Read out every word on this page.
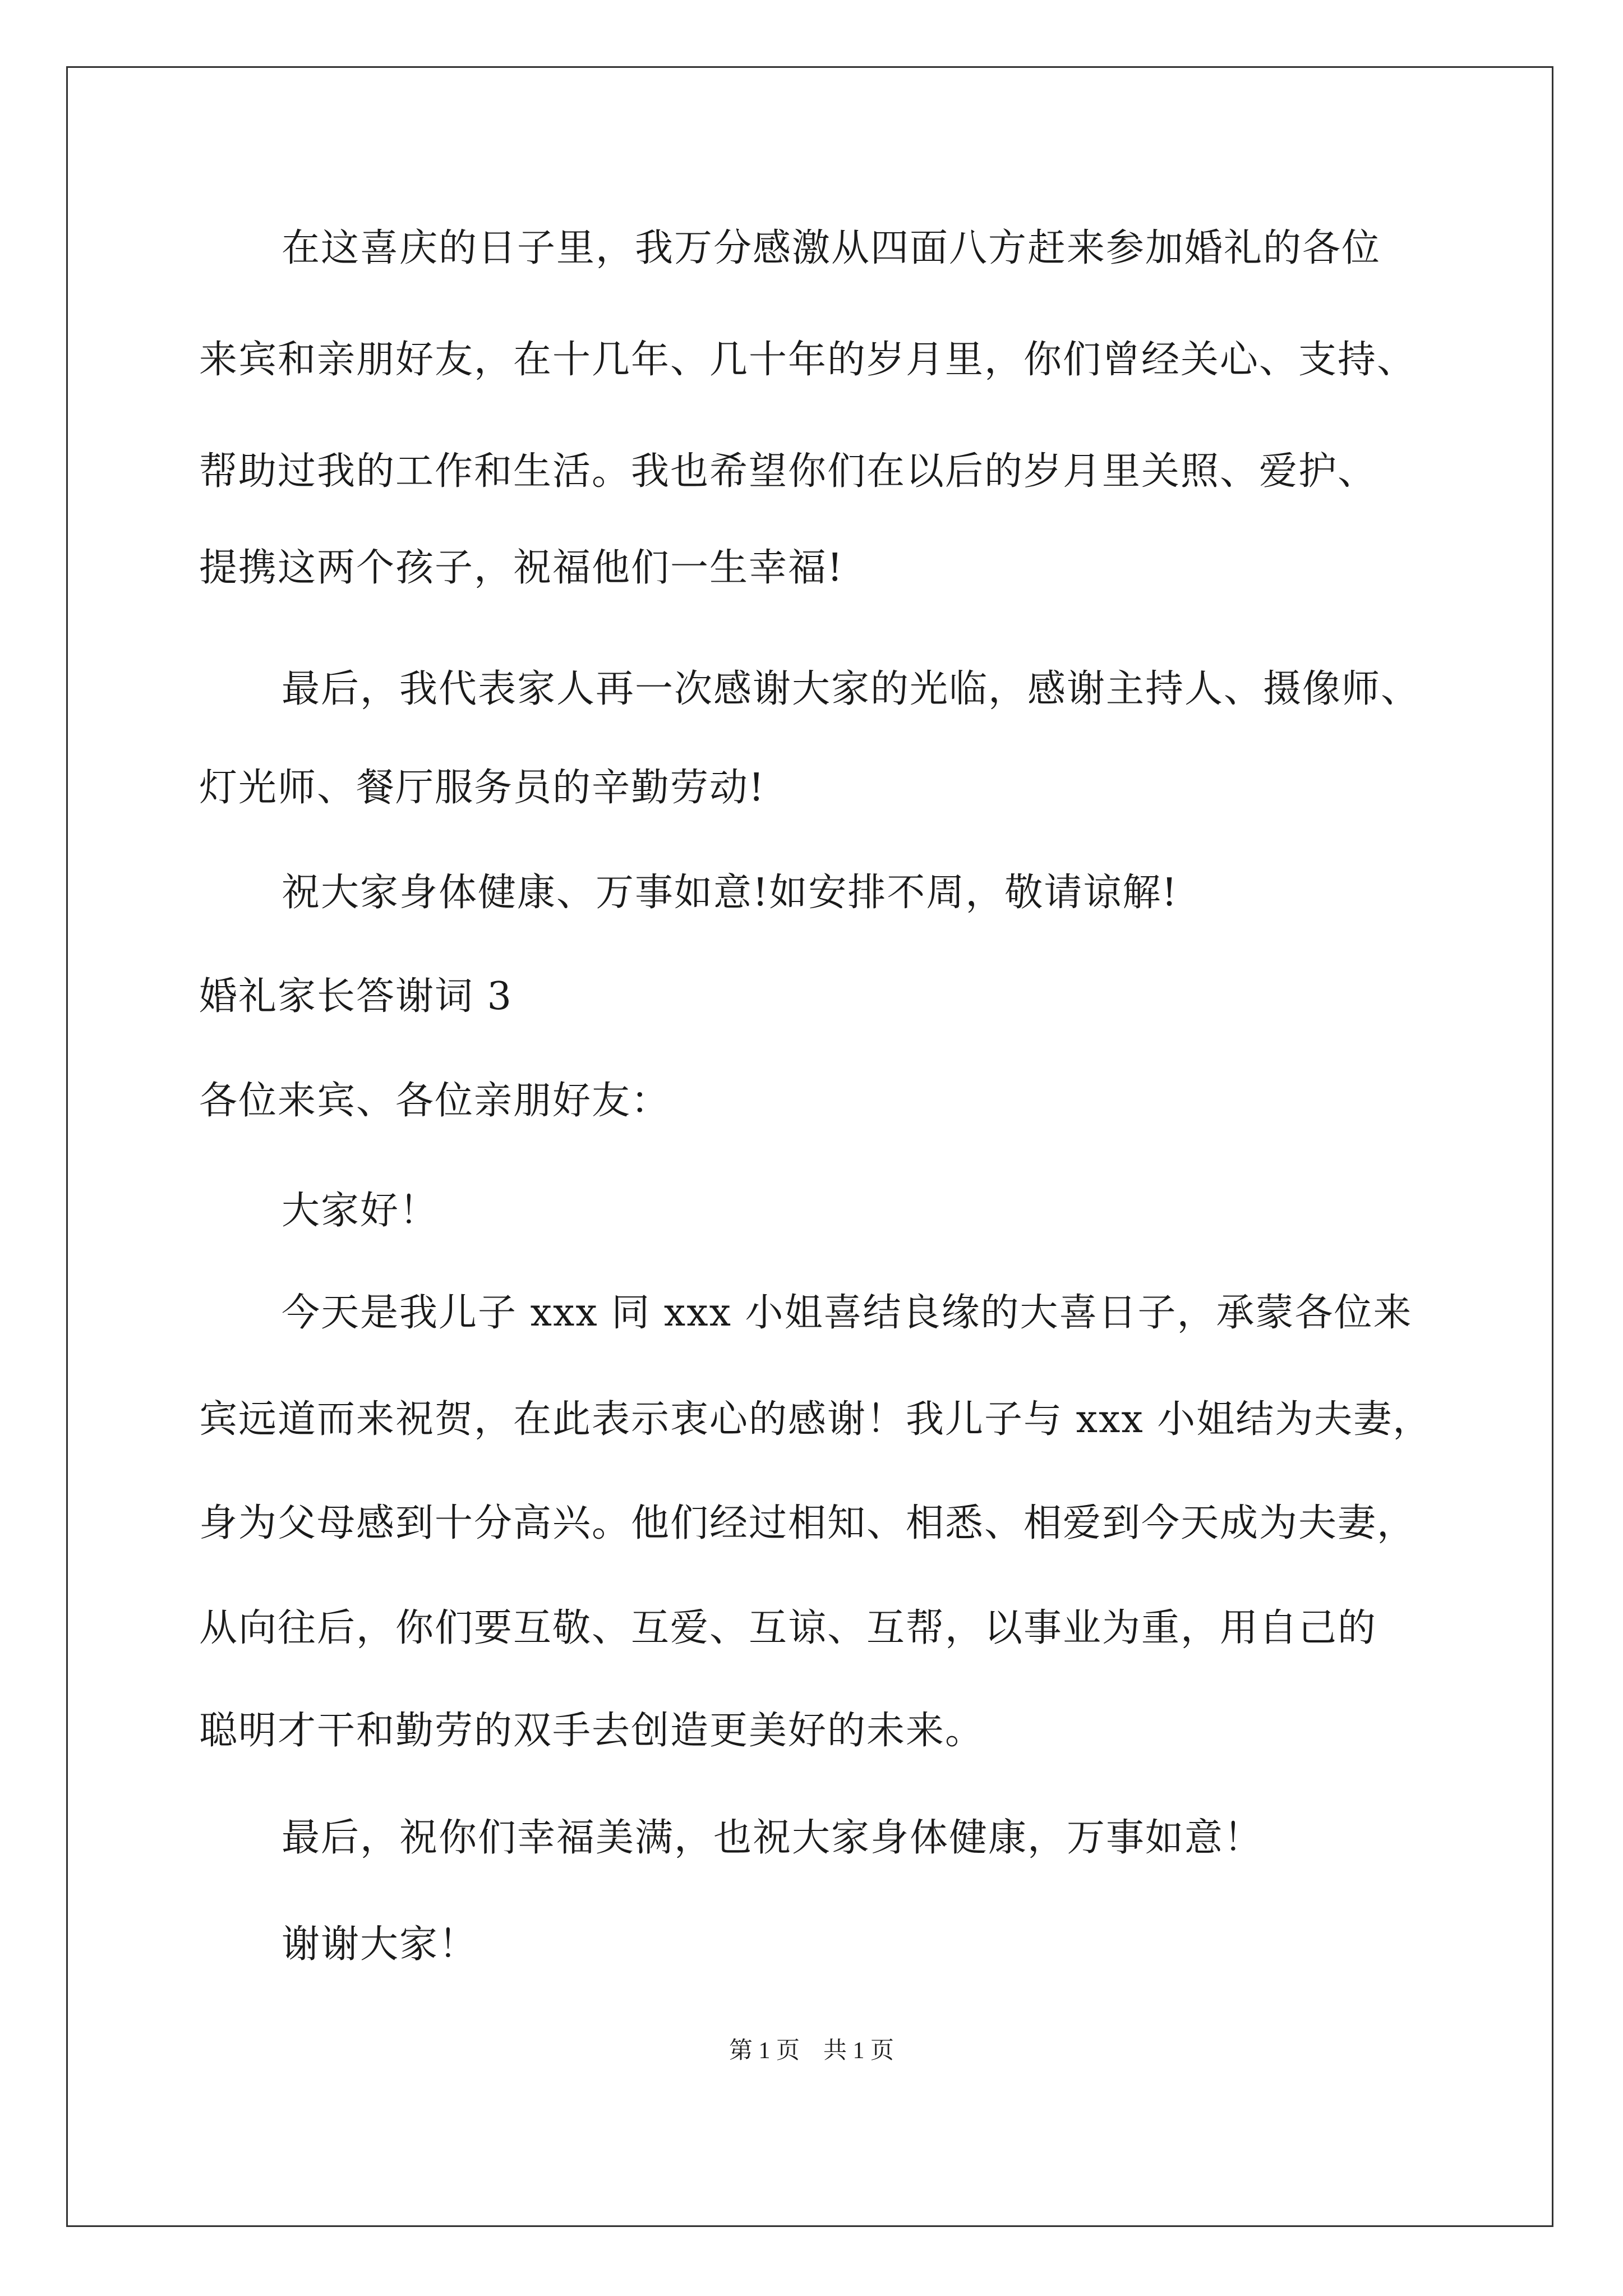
在这喜庆的日子里，我万分感激从四面八方赶来参加婚礼的各位

来宾和亲朋好友，在十几年、几十年的岁月里，你们曾经关心、支持、

帮助过我的工作和生活。我也希望你们在以后的岁月里关照、爱护、

提携这两个孩子，祝福他们一生幸福!

最后，我代表家人再一次感谢大家的光临，感谢主持人、摄像师、

灯光师、餐厅服务员的辛勤劳动!

祝大家身体健康、万事如意!如安排不周，敬请谅解!

婚礼家长答谢词 3

各位来宾、各位亲朋好友：

大家好！

今天是我儿子 xxx 同 xxx 小姐喜结良缘的大喜日子，承蒙各位来

宾远道而来祝贺，在此表示衷心的感谢！我儿子与 xxx 小姐结为夫妻，

身为父母感到十分高兴。他们经过相知、相悉、相爱到今天成为夫妻，

从向往后，你们要互敬、互爱、互谅、互帮，以事业为重，用自己的

聪明才干和勤劳的双手去创造更美好的未来。

最后，祝你们幸福美满，也祝大家身体健康，万事如意！

谢谢大家！

第 1 页    共 1 页
